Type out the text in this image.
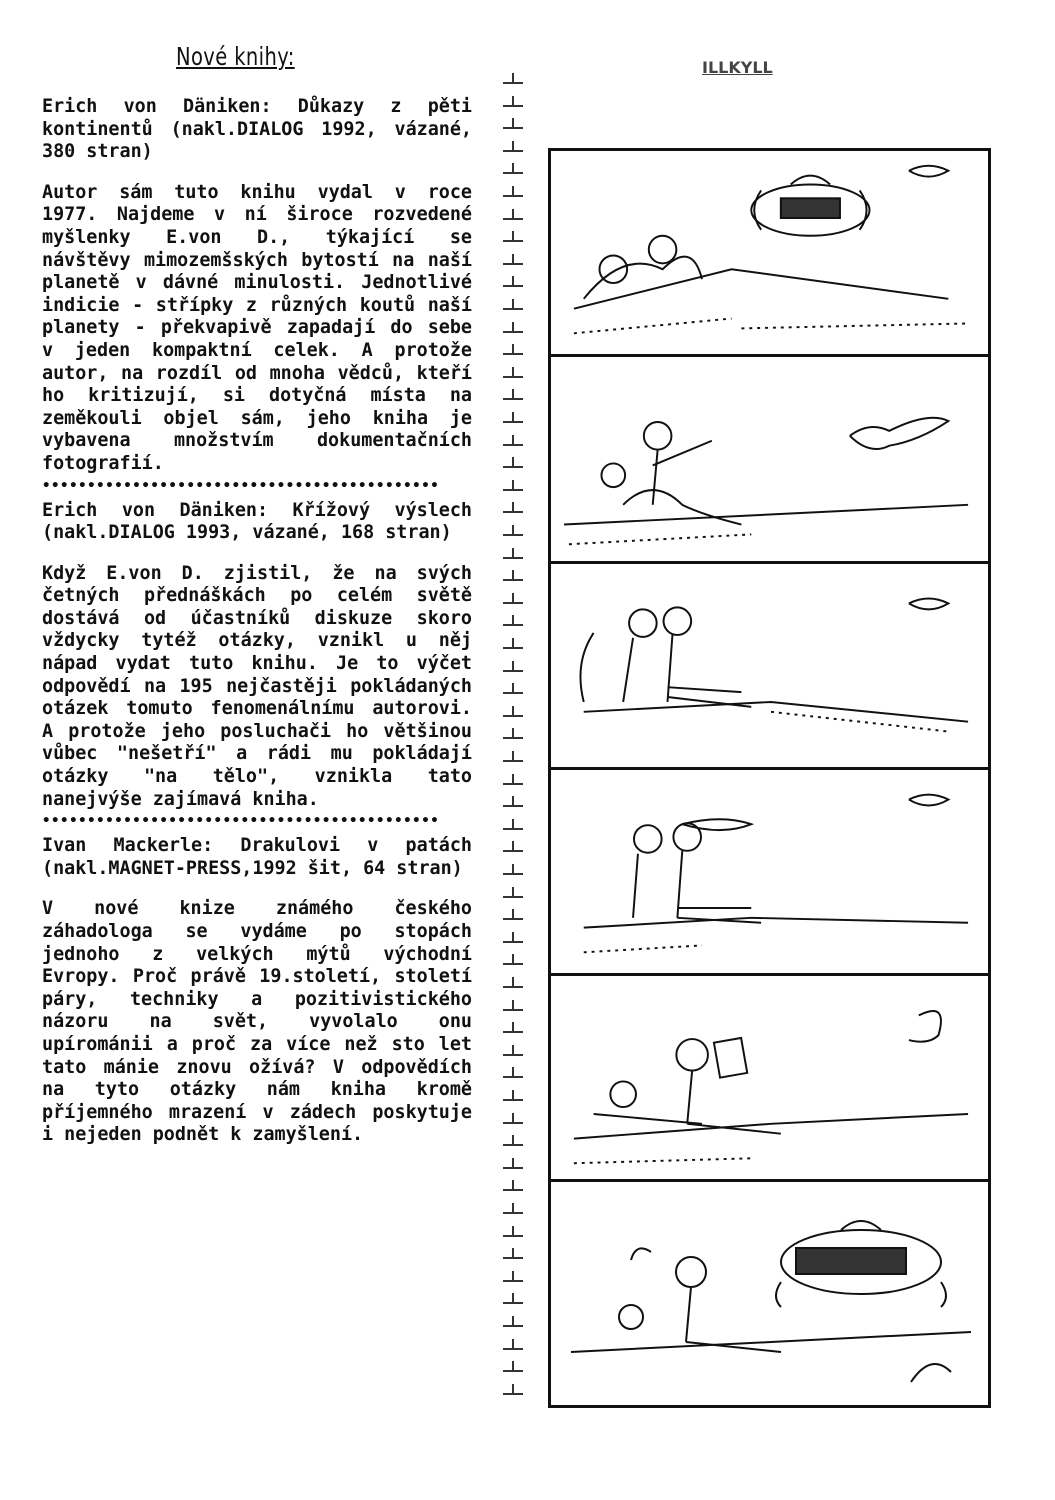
Nové knihy:

Erich von Däniken: Důkazy z pěti kontinentů (nakl.DIALOG 1992, vázané, 380 stran)

Autor sám tuto knihu vydal v roce 1977. Najdeme v ní široce rozvedené myšlenky E.von D., týkající se návštěvy mimozemšských bytostí na naší planetě v dávné minulosti. Jednotlivé indicie - střípky z různých koutů naší planety - překvapivě zapadají do sebe v jeden kompaktní celek. A protože autor, na rozdíl od mnoha vědců, kteří ho kritizují, si dotyčná místa na zeměkouli objel sám, jeho kniha je vybavena množstvím dokumentačních fotografií.

••••••••••••••••••••••••••••••••••••••••••••

Erich von Däniken: Křížový výslech (nakl.DIALOG 1993, vázané, 168 stran)

Když E.von D. zjistil, že na svých četných přednáškách po celém světě dostává od účastníků diskuze skoro vždycky tytéž otázky, vznikl u něj nápad vydat tuto knihu. Je to výčet odpovědí na 195 nejčastěji pokládaných otázek tomuto fenomenálnímu autorovi. A protože jeho posluchači ho většinou vůbec "nešetří" a rádi mu pokládají otázky "na tělo", vznikla tato nanejvýše zajímavá kniha.

••••••••••••••••••••••••••••••••••••••••••••

Ivan Mackerle: Drakulovi v patách (nakl.MAGNET-PRESS,1992 šit, 64 stran)

V nové knize známého českého záhadologa se vydáme po stopách jednoho z velkých mýtů východní Evropy. Proč právě 19.století, století páry, techniky a pozitivistického názoru na svět, vyvolalo onu upírománii a proč za více než sto let tato mánie znovu ožívá? V odpovědích na tyto otázky nám kniha kromě příjemného mrazení v zádech poskytuje i nejeden podnět k zamyšlení.

ILLKYLL
